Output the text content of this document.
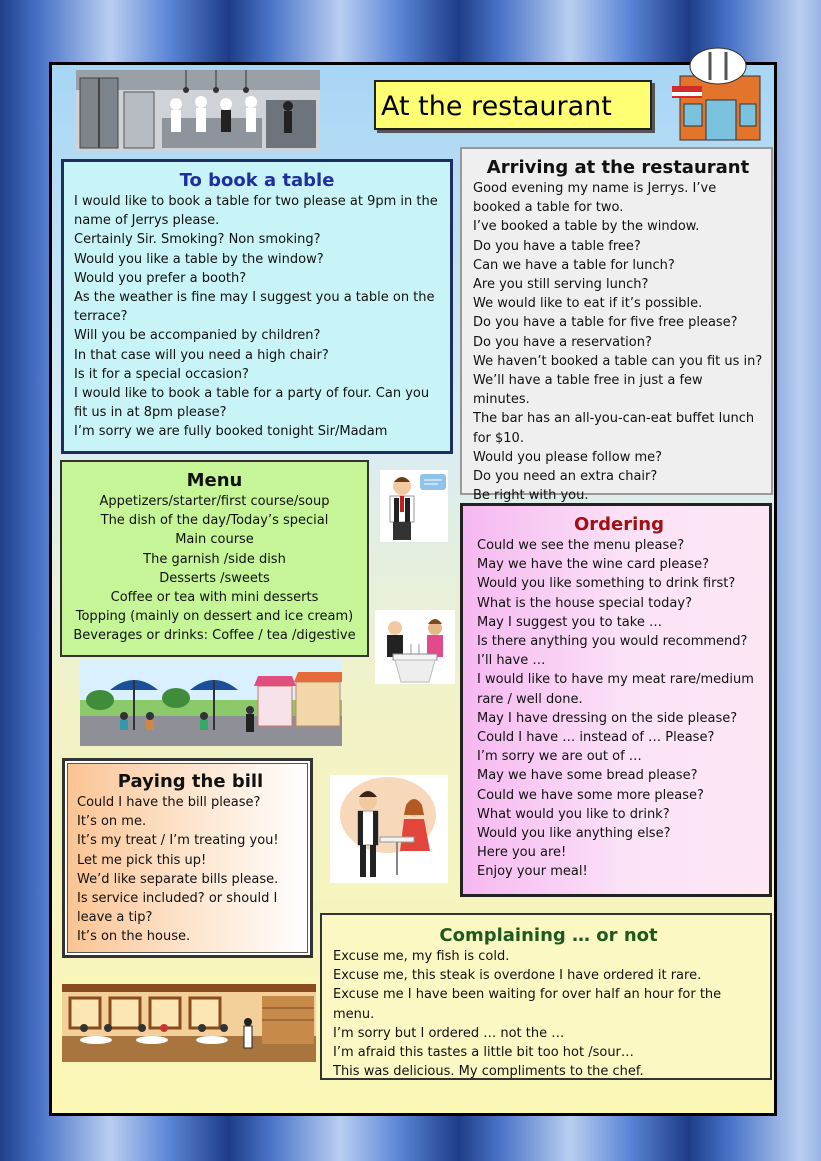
At the restaurant
To book a table
I would like to book a table for two please at 9pm in the name of Jerrys please.
Certainly Sir. Smoking? Non smoking?
Would you like a table by the window?
Would you prefer a booth?
As the weather is fine may I suggest you a table on the terrace?
Will you be accompanied by children?
In that case will you need a high chair?
Is it for a special occasion?
I would like to book a table for a party of four. Can you fit us in at 8pm please?
I’m sorry we are fully booked tonight Sir/Madam
Arriving at the restaurant
Good evening my name is Jerrys. I’ve booked a table for two.
I’ve booked a table by the window.
Do you have a table free?
Can we have a table for lunch?
Are you still serving lunch?
We would like to eat if it’s possible.
Do you have a table for five free please?
Do you have a reservation?
We haven’t booked a table can you fit us in?
We’ll have a table free in just a few minutes.
The bar has an all-you-can-eat buffet lunch for $10.
Would you please follow me?
Do you need an extra chair?
Be right with you.
Menu
Appetizers/starter/first course/soup
The dish of the day/Today’s special
Main course
The garnish /side dish
Desserts /sweets
Coffee or tea with mini desserts
Topping (mainly on dessert and ice cream)
Beverages or drinks: Coffee / tea /digestive
Ordering
Could we see the menu please?
May we have the wine card please?
Would you like something to drink first?
What is the house special today?
May I suggest you to take …
Is there anything you would recommend?
I’ll have …
I would like to have my meat rare/medium rare / well done.
May I have dressing on the side please?
Could I have … instead of … Please?
I’m sorry we are out of …
May we have some bread please?
Could we have some more please?
What would you like to drink?
Would you like anything else?
Here you are!
Enjoy your meal!
Paying the bill
Could I have the bill please?
It’s on me.
It’s my treat / I’m treating you!
Let me pick this up!
We’d like separate bills please.
Is service included? or should I leave a tip?
It’s on the house.	Complaining … or not
Excuse me, my fish is cold.
Excuse me, this steak is overdone I have ordered it rare.
Excuse me I have been waiting for over half an hour for the menu.
I’m sorry but I ordered … not the …
I’m afraid this tastes a little bit too hot /sour…
This was delicious. My compliments to the chef.
